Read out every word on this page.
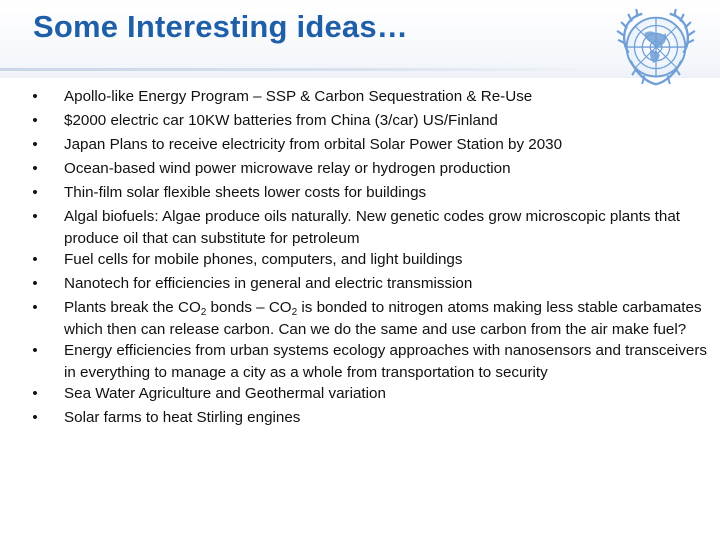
Some Interesting ideas…
• Apollo-like Energy Program – SSP & Carbon Sequestration & Re-Use
• $2000 electric car 10KW batteries from China (3/car) US/Finland
• Japan Plans to receive electricity from orbital Solar Power Station by 2030
• Ocean-based wind power microwave relay or hydrogen production
• Thin-film solar flexible sheets lower costs for buildings
• Algal biofuels: Algae produce oils naturally. New genetic codes grow microscopic plants that produce oil that can substitute for petroleum
• Fuel cells for mobile phones, computers, and light buildings
• Nanotech for efficiencies in general and electric transmission
• Plants break the $CO_2$ bonds – $CO_2$ is bonded to nitrogen atoms making less stable carbamates which then can release carbon. Can we do the same and use carbon from the air make fuel?
• Energy efficiencies from urban systems ecology approaches with nanosensors and transceivers in everything to manage a city as a whole from transportation to security
• Sea Water Agriculture and Geothermal variation
• Solar farms to heat Stirling engines
